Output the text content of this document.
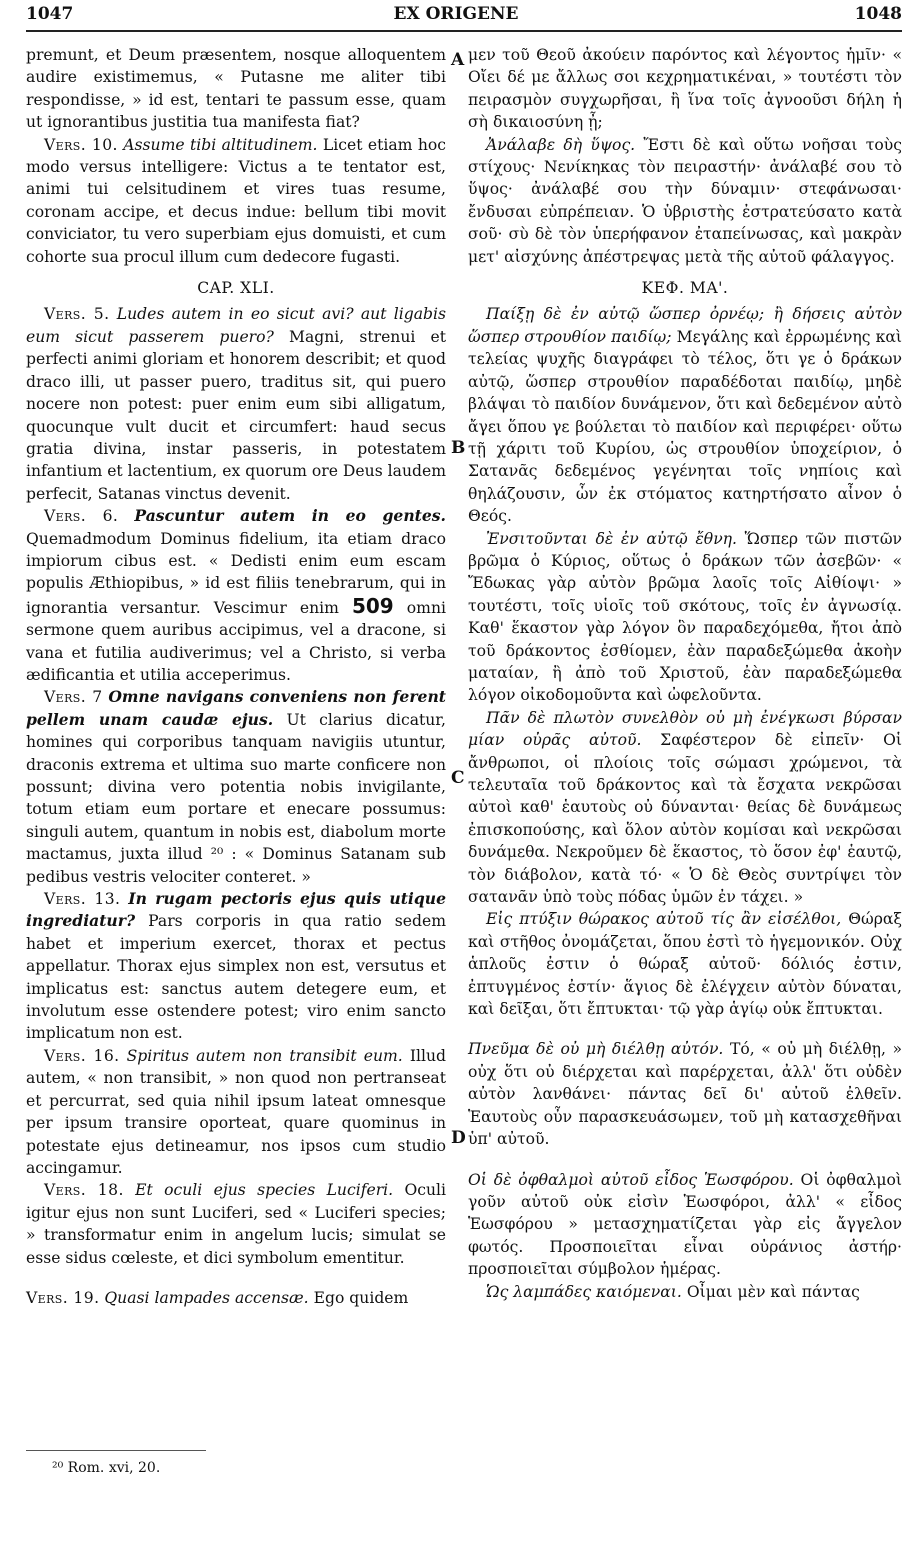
1047	EX ORIGENE	1048
A
B
C
D

premunt, et Deum præsentem, nosque alloquentem audire existimemus, « Putasne me aliter tibi respondisse, » id est, tentari te passum esse, quam ut ignorantibus justitia tua manifesta fiat?

Vers. 10. Assume tibi altitudinem. Licet etiam hoc modo versus intelligere: Victus a te tentator est, animi tui celsitudinem et vires tuas resume, coronam accipe, et decus indue: bellum tibi movit conviciator, tu vero superbiam ejus domuisti, et cum cohorte sua procul illum cum dedecore fugasti.

CAP. XLI.

Vers. 5. Ludes autem in eo sicut avi? aut ligabis eum sicut passerem puero? Magni, strenui et perfecti animi gloriam et honorem describit; et quod draco illi, ut passer puero, traditus sit, qui puero nocere non potest: puer enim eum sibi alligatum, quocunque vult ducit et circumfert: haud secus gratia divina, instar passeris, in potestatem infantium et lactentium, ex quorum ore Deus laudem perfecit, Satanas vinctus devenit.

Vers. 6. Pascuntur autem in eo gentes. Quemadmodum Dominus fidelium, ita etiam draco impiorum cibus est. « Dedisti enim eum escam populis Æthiopibus, » id est filiis tenebrarum, qui in ignorantia versantur. Vescimur enim 509 omni sermone quem auribus accipimus, vel a dracone, si vana et futilia audiverimus; vel a Christo, si verba ædificantia et utilia acceperimus.

Vers. 7 Omne navigans conveniens non ferent pellem unam caudæ ejus. Ut clarius dicatur, homines qui corporibus tanquam navigiis utuntur, draconis extrema et ultima suo marte conficere non possunt; divina vero potentia nobis invigilante, totum etiam eum portare et enecare possumus: singuli autem, quantum in nobis est, diabolum morte mactamus, juxta illud ²⁰ : « Dominus Satanam sub pedibus vestris velociter conteret. »

Vers. 13. In rugam pectoris ejus quis utique ingrediatur? Pars corporis in qua ratio sedem habet et imperium exercet, thorax et pectus appellatur. Thorax ejus simplex non est, versutus et implicatus est: sanctus autem detegere eum, et involutum esse ostendere potest; viro enim sancto implicatum non est.

Vers. 16. Spiritus autem non transibit eum. Illud autem, « non transibit, » non quod non pertranseat et percurrat, sed quia nihil ipsum lateat omnesque per ipsum transire oporteat, quare quominus in potestate ejus detineamur, nos ipsos cum studio accingamur.

Vers. 18. Et oculi ejus species Luciferi. Oculi igitur ejus non sunt Luciferi, sed « Luciferi species; » transformatur enim in angelum lucis; simulat se esse sidus cœleste, et dici symbolum ementitur.

Vers. 19. Quasi lampades accensæ. Ego quidem

μεν τοῦ Θεοῦ ἀκούειν παρόντος καὶ λέγοντος ἡμῖν· « Οἴει δέ με ἄλλως σοι κεχρηματικέναι, » τουτέστι τὸν πειρασμὸν συγχωρῆσαι, ἢ ἵνα τοῖς ἀγνοοῦσι δήλη ἡ σὴ δικαιοσύνη ᾖ;

Ἀνάλαβε δὴ ὕψος. Ἔστι δὲ καὶ οὕτω νοῆσαι τοὺς στίχους· Νενίκηκας τὸν πειραστήν· ἀνάλαβέ σου τὸ ὕψος· ἀνάλαβέ σου τὴν δύναμιν· στεφάνωσαι· ἔνδυσαι εὐπρέπειαν. Ὁ ὑβριστὴς ἐστρατεύσατο κατὰ σοῦ· σὺ δὲ τὸν ὑπερήφανον ἐταπείνωσας, καὶ μακρὰν μετ' αἰσχύνης ἀπέστρεψας μετὰ τῆς αὐτοῦ φάλαγγος.

ΚΕΦ. ΜΑ'.

Παίξῃ δὲ ἐν αὐτῷ ὥσπερ ὀρνέῳ; ἢ δήσεις αὐτὸν ὥσπερ στρουθίον παιδίῳ; Μεγάλης καὶ ἐρρωμένης καὶ τελείας ψυχῆς διαγράφει τὸ τέλος, ὅτι γε ὁ δράκων αὐτῷ, ὥσπερ στρουθίον παραδέδοται παιδίῳ, μηδὲ βλάψαι τὸ παιδίον δυνάμενον, ὅτι καὶ δεδεμένον αὐτὸ ἄγει ὅπου γε βούλεται τὸ παιδίον καὶ περιφέρει· οὕτω τῇ χάριτι τοῦ Κυρίου, ὡς στρουθίον ὑποχείριον, ὁ Σατανᾶς δεδεμένος γεγένηται τοῖς νηπίοις καὶ θηλάζουσιν, ὧν ἐκ στόματος κατηρτήσατο αἶνον ὁ Θεός.

Ἐνσιτοῦνται δὲ ἐν αὐτῷ ἔθνη. Ὥσπερ τῶν πιστῶν βρῶμα ὁ Κύριος, οὕτως ὁ δράκων τῶν ἀσεβῶν· « Ἔδωκας γὰρ αὐτὸν βρῶμα λαοῖς τοῖς Αἰθίοψι· » τουτέστι, τοῖς υἱοῖς τοῦ σκότους, τοῖς ἐν ἀγνωσίᾳ. Καθ' ἕκαστον γὰρ λόγον ὃν παραδεχόμεθα, ἤτοι ἀπὸ τοῦ δράκοντος ἐσθίομεν, ἐὰν παραδεξώμεθα ἀκοὴν ματαίαν, ἢ ἀπὸ τοῦ Χριστοῦ, ἐὰν παραδεξώμεθα λόγον οἰκοδομοῦντα καὶ ὠφελοῦντα.

Πᾶν δὲ πλωτὸν συνελθὸν οὐ μὴ ἐνέγκωσι βύρσαν μίαν οὐρᾶς αὐτοῦ. Σαφέστερον δὲ εἰπεῖν· Οἱ ἄνθρωποι, οἱ πλοίοις τοῖς σώμασι χρώμενοι, τὰ τελευταῖα τοῦ δράκοντος καὶ τὰ ἔσχατα νεκρῶσαι αὐτοὶ καθ' ἑαυτοὺς οὐ δύνανται· θείας δὲ δυνάμεως ἐπισκοπούσης, καὶ ὅλον αὐτὸν κομίσαι καὶ νεκρῶσαι δυνάμεθα. Νεκροῦμεν δὲ ἕκαστος, τὸ ὅσον ἐφ' ἑαυτῷ, τὸν διάβολον, κατὰ τό· « Ὁ δὲ Θεὸς συντρίψει τὸν σατανᾶν ὑπὸ τοὺς πόδας ὑμῶν ἐν τάχει. »

Εἰς πτύξιν θώρακος αὐτοῦ τίς ἂν εἰσέλθοι, Θώραξ καὶ στῆθος ὀνομάζεται, ὅπου ἐστὶ τὸ ἡγεμονικόν. Οὐχ ἁπλοῦς ἐστιν ὁ θώραξ αὐτοῦ· δόλιός ἐστιν, ἐπτυγμένος ἐστίν· ἅγιος δὲ ἐλέγχειν αὐτὸν δύναται, καὶ δεῖξαι, ὅτι ἔπτυκται· τῷ γὰρ ἁγίῳ οὐκ ἔπτυκται.

Πνεῦμα δὲ οὐ μὴ διέλθῃ αὐτόν. Τό, « οὐ μὴ διέλθῃ, » οὐχ ὅτι οὐ διέρχεται καὶ παρέρχεται, ἀλλ' ὅτι οὐδὲν αὐτὸν λανθάνει· πάντας δεῖ δι' αὐτοῦ ἐλθεῖν. Ἑαυτοὺς οὖν παρασκευάσωμεν, τοῦ μὴ κατασχεθῆναι ὑπ' αὐτοῦ.

Οἱ δὲ ὀφθαλμοὶ αὐτοῦ εἶδος Ἑωσφόρου. Οἱ ὀφθαλμοὶ γοῦν αὐτοῦ οὐκ εἰσὶν Ἑωσφόροι, ἀλλ' « εἶδος Ἑωσφόρου » μετασχηματίζεται γὰρ εἰς ἄγγελον φωτός. Προσποιεῖται εἶναι οὐράνιος ἀστήρ· προσποιεῖται σύμβολον ἡμέρας.

Ὡς λαμπάδες καιόμεναι. Οἶμαι μὲν καὶ πάντας

²⁰ Rom. xvi, 20.
